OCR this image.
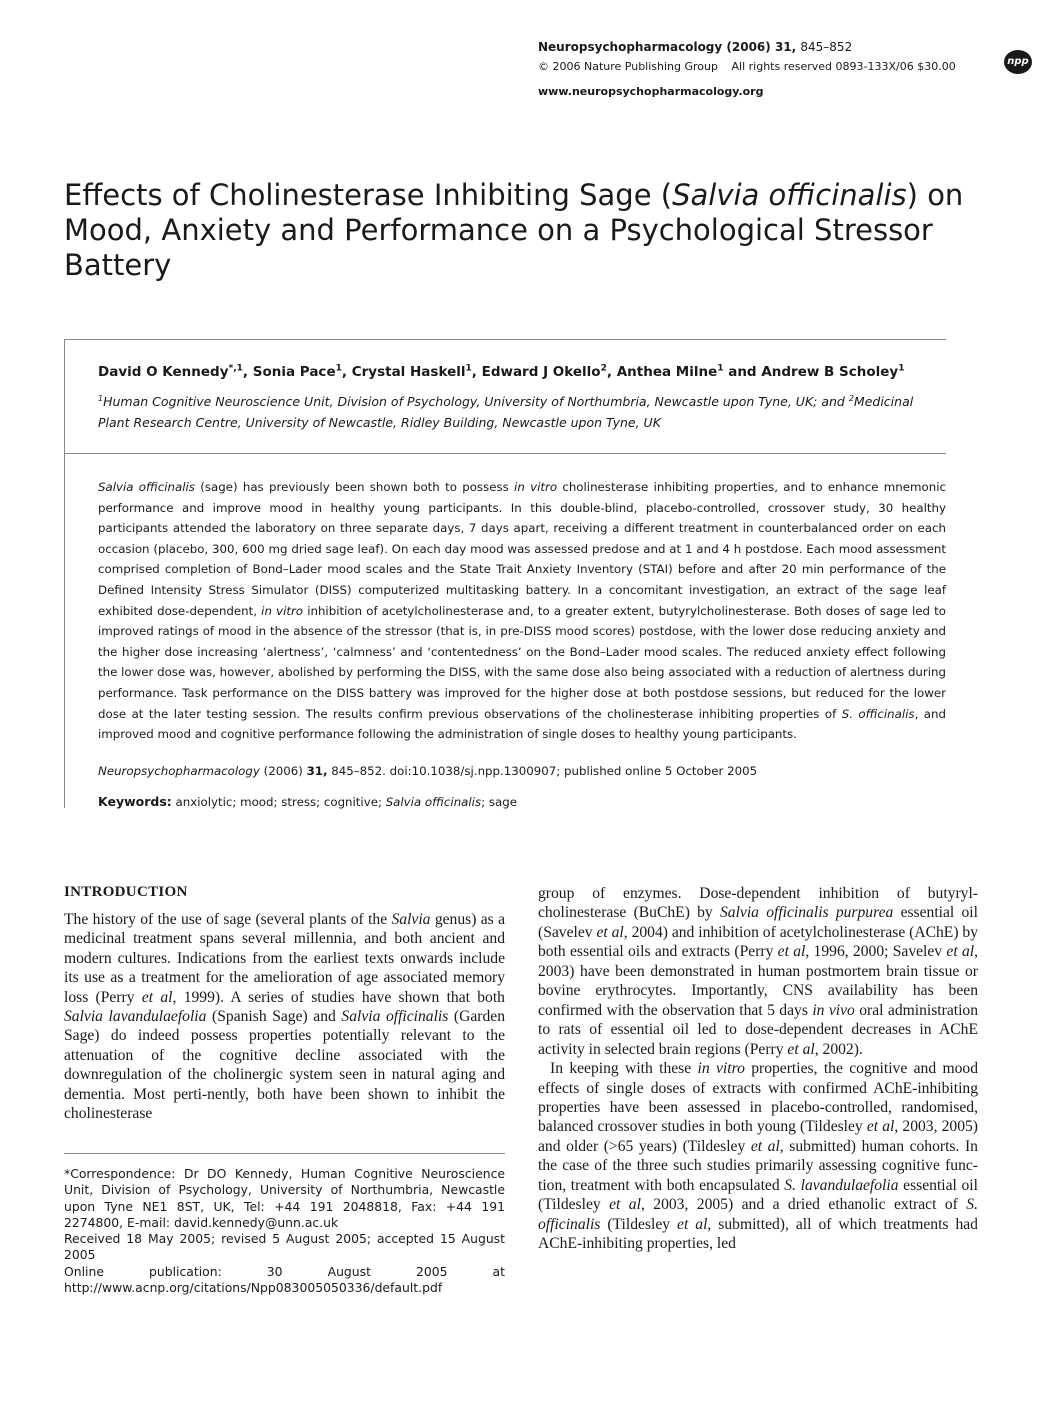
Neuropsychopharmacology (2006) 31, 845–852
© 2006 Nature Publishing Group All rights reserved 0893-133X/06 $30.00
www.neuropsychopharmacology.org
npp
Effects of Cholinesterase Inhibiting Sage (Salvia officinalis) on Mood, Anxiety and Performance on a Psychological Stressor Battery
David O Kennedy$^{*,1}$, Sonia Pace$^1$, Crystal Haskell$^1$, Edward J Okello$^2$, Anthea Milne$^1$ and Andrew B Scholey$^1$
$^1$Human Cognitive Neuroscience Unit, Division of Psychology, University of Northumbria, Newcastle upon Tyne, UK; and $^2$Medicinal Plant Research Centre, University of Newcastle, Ridley Building, Newcastle upon Tyne, UK
Salvia officinalis (sage) has previously been shown both to possess in vitro cholinesterase inhibiting properties, and to enhance mnemonic performance and improve mood in healthy young participants. In this double-blind, placebo-controlled, crossover study, 30 healthy participants attended the laboratory on three separate days, 7 days apart, receiving a different treatment in counterbalanced order on each occasion (placebo, 300, 600 mg dried sage leaf). On each day mood was assessed predose and at 1 and 4 h postdose. Each mood assessment comprised completion of Bond–Lader mood scales and the State Trait Anxiety Inventory (STAI) before and after 20 min performance of the Defined Intensity Stress Simulator (DISS) computerized multitasking battery. In a concomitant investigation, an extract of the sage leaf exhibited dose-dependent, in vitro inhibition of acetylcholinesterase and, to a greater extent, butyrylcholinesterase. Both doses of sage led to improved ratings of mood in the absence of the stressor (that is, in pre-DISS mood scores) postdose, with the lower dose reducing anxiety and the higher dose increasing ‘alertness’, ‘calmness’ and ‘contentedness’ on the Bond–Lader mood scales. The reduced anxiety effect following the lower dose was, however, abolished by performing the DISS, with the same dose also being associated with a reduction of alertness during performance. Task performance on the DISS battery was improved for the higher dose at both postdose sessions, but reduced for the lower dose at the later testing session. The results confirm previous observations of the cholinesterase inhibiting properties of S. officinalis, and improved mood and cognitive performance following the administration of single doses to healthy young participants.
Neuropsychopharmacology (2006) 31, 845–852. doi:10.1038/sj.npp.1300907; published online 5 October 2005
Keywords: anxiolytic; mood; stress; cognitive; Salvia officinalis; sage
INTRODUCTION

The history of the use of sage (several plants of the Salvia genus) as a medicinal treatment spans several millennia, and both ancient and modern cultures. Indications from the earliest texts onwards include its use as a treatment for the amelioration of age associated memory loss (Perry et al, 1999). A series of studies have shown that both Salvia lavandulaefolia (Spanish Sage) and Salvia officinalis (Garden Sage) do indeed possess properties potentially relevant to the attenuation of the cognitive decline associated with the downregulation of the cholinergic system seen in natural aging and dementia. Most perti-nently, both have been shown to inhibit the cholinesterase

*Correspondence: Dr DO Kennedy, Human Cognitive Neuroscience Unit, Division of Psychology, University of Northumbria, Newcastle upon Tyne NE1 8ST, UK, Tel: +44 191 2048818, Fax: +44 191 2274800, E-mail: david.kennedy@unn.ac.uk

Received 18 May 2005; revised 5 August 2005; accepted 15 August 2005

Online publication: 30 August 2005 at http://www.acnp.org/citations/Npp083005050336/default.pdf

group of enzymes. Dose-dependent inhibition of butyryl-cholinesterase (BuChE) by Salvia officinalis purpurea essential oil (Savelev et al, 2004) and inhibition of acetylcholinesterase (AChE) by both essential oils and extracts (Perry et al, 1996, 2000; Savelev et al, 2003) have been demonstrated in human postmortem brain tissue or bovine erythrocytes. Importantly, CNS availability has been confirmed with the observation that 5 days in vivo oral administration to rats of essential oil led to dose-dependent decreases in AChE activity in selected brain regions (Perry et al, 2002).

In keeping with these in vitro properties, the cognitive and mood effects of single doses of extracts with confirmed AChE-inhibiting properties have been assessed in placebo-controlled, randomised, balanced crossover studies in both young (Tildesley et al, 2003, 2005) and older (>65 years) (Tildesley et al, submitted) human cohorts. In the case of the three such studies primarily assessing cognitive func-tion, treatment with both encapsulated S. lavandulaefolia essential oil (Tildesley et al, 2003, 2005) and a dried ethanolic extract of S. officinalis (Tildesley et al, submitted), all of which treatments had AChE-inhibiting properties, led
